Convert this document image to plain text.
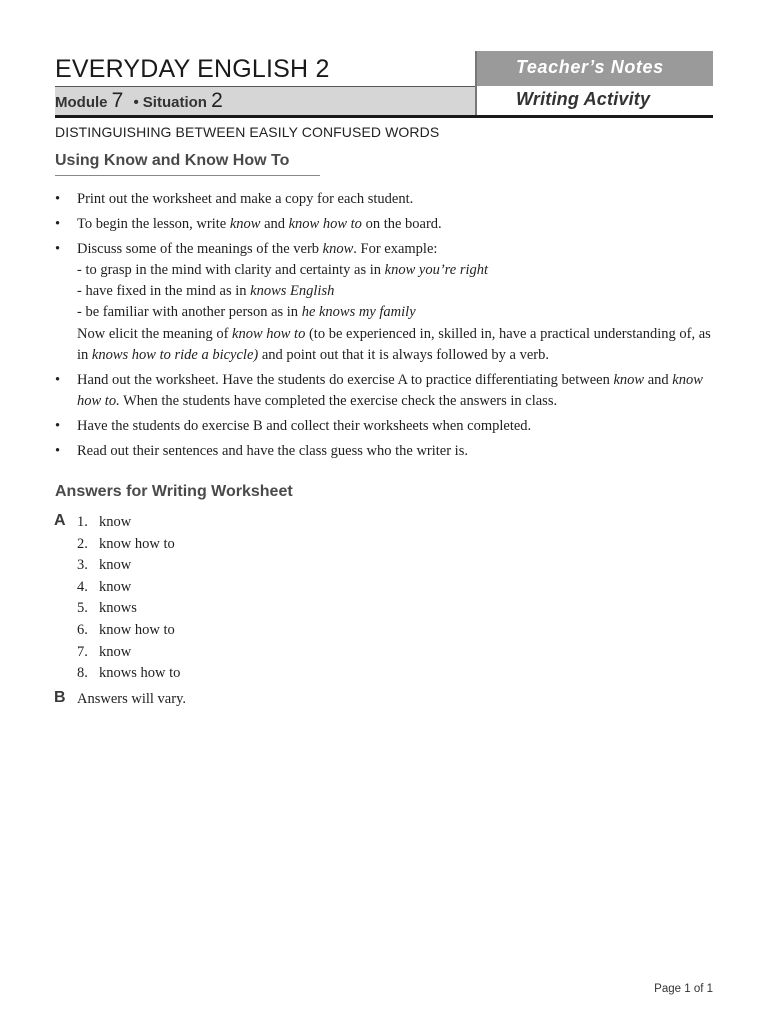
EVERYDAY ENGLISH 2
Module 7 • Situation 2
Teacher’s Notes
Writing Activity
DISTINGUISHING BETWEEN EASILY CONFUSED WORDS
Using Know and Know How To
• Print out the worksheet and make a copy for each student.
• To begin the lesson, write know and know how to on the board.
• Discuss some of the meanings of the verb know. For example:
- to grasp in the mind with clarity and certainty as in know you’re right
- have fixed in the mind as in knows English
- be familiar with another person as in he knows my family
Now elicit the meaning of know how to (to be experienced in, skilled in, have a practical understanding of, as in knows how to ride a bicycle) and point out that it is always followed by a verb.
• Hand out the worksheet. Have the students do exercise A to practice differentiating between know and know how to. When the students have completed the exercise check the answers in class.
• Have the students do exercise B and collect their worksheets when completed.
• Read out their sentences and have the class guess who the writer is.
Answers for Writing Worksheet
A 1. know
2. know how to
3. know
4. know
5. knows
6. know how to
7. know
8. knows how to
B Answers will vary.
Page 1 of 1
